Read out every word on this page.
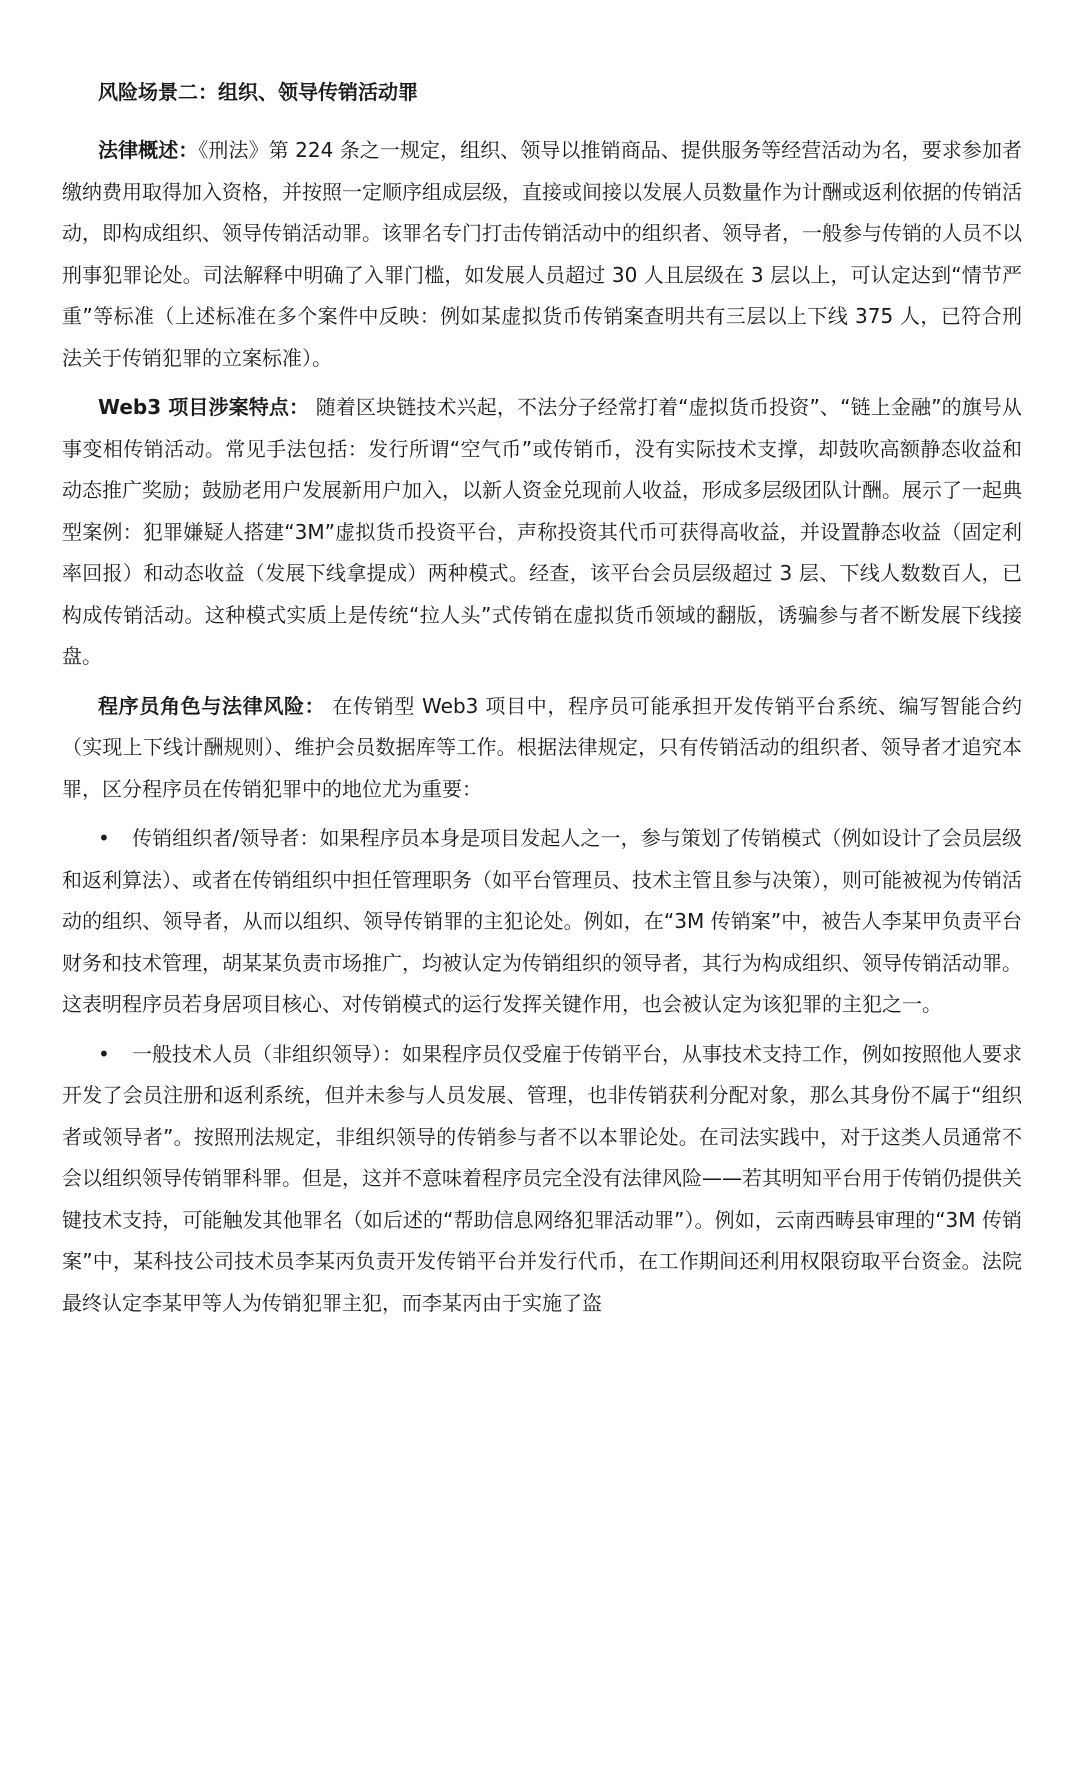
风险场景二：组织、领导传销活动罪

法律概述：《刑法》第 224 条之一规定，组织、领导以推销商品、提供服务等经营活动为名，要求参加者缴纳费用取得加入资格，并按照一定顺序组成层级，直接或间接以发展人员数量作为计酬或返利依据的传销活动，即构成组织、领导传销活动罪。该罪名专门打击传销活动中的组织者、领导者，一般参与传销的人员不以刑事犯罪论处。司法解释中明确了入罪门槛，如发展人员超过 30 人且层级在 3 层以上，可认定达到“情节严重”等标准（上述标准在多个案件中反映：例如某虚拟货币传销案查明共有三层以上下线 375 人，已符合刑法关于传销犯罪的立案标准）。

Web3 项目涉案特点： 随着区块链技术兴起，不法分子经常打着“虚拟货币投资”、“链上金融”的旗号从事变相传销活动。常见手法包括：发行所谓“空气币”或传销币，没有实际技术支撑，却鼓吹高额静态收益和动态推广奖励；鼓励老用户发展新用户加入，以新人资金兑现前人收益，形成多层级团队计酬。展示了一起典型案例：犯罪嫌疑人搭建“3M”虚拟货币投资平台，声称投资其代币可获得高收益，并设置静态收益（固定利率回报）和动态收益（发展下线拿提成）两种模式。经查，该平台会员层级超过 3 层、下线人数数百人，已构成传销活动。这种模式实质上是传统“拉人头”式传销在虚拟货币领域的翻版，诱骗参与者不断发展下线接盘。

程序员角色与法律风险： 在传销型 Web3 项目中，程序员可能承担开发传销平台系统、编写智能合约（实现上下线计酬规则）、维护会员数据库等工作。根据法律规定，只有传销活动的组织者、领导者才追究本罪，区分程序员在传销犯罪中的地位尤为重要：

• 传销组织者/领导者：如果程序员本身是项目发起人之一，参与策划了传销模式（例如设计了会员层级和返利算法）、或者在传销组织中担任管理职务（如平台管理员、技术主管且参与决策），则可能被视为传销活动的组织、领导者，从而以组织、领导传销罪的主犯论处。例如，在“3M 传销案”中，被告人李某甲负责平台财务和技术管理，胡某某负责市场推广，均被认定为传销组织的领导者，其行为构成组织、领导传销活动罪。这表明程序员若身居项目核心、对传销模式的运行发挥关键作用，也会被认定为该犯罪的主犯之一。

• 一般技术人员（非组织领导）：如果程序员仅受雇于传销平台，从事技术支持工作，例如按照他人要求开发了会员注册和返利系统，但并未参与人员发展、管理，也非传销获利分配对象，那么其身份不属于“组织者或领导者”。按照刑法规定，非组织领导的传销参与者不以本罪论处。在司法实践中，对于这类人员通常不会以组织领导传销罪科罪。但是，这并不意味着程序员完全没有法律风险——若其明知平台用于传销仍提供关键技术支持，可能触发其他罪名（如后述的“帮助信息网络犯罪活动罪”）。例如，云南西畴县审理的“3M 传销案”中，某科技公司技术员李某丙负责开发传销平台并发行代币，在工作期间还利用权限窃取平台资金。法院最终认定李某甲等人为传销犯罪主犯，而李某丙由于实施了盗
